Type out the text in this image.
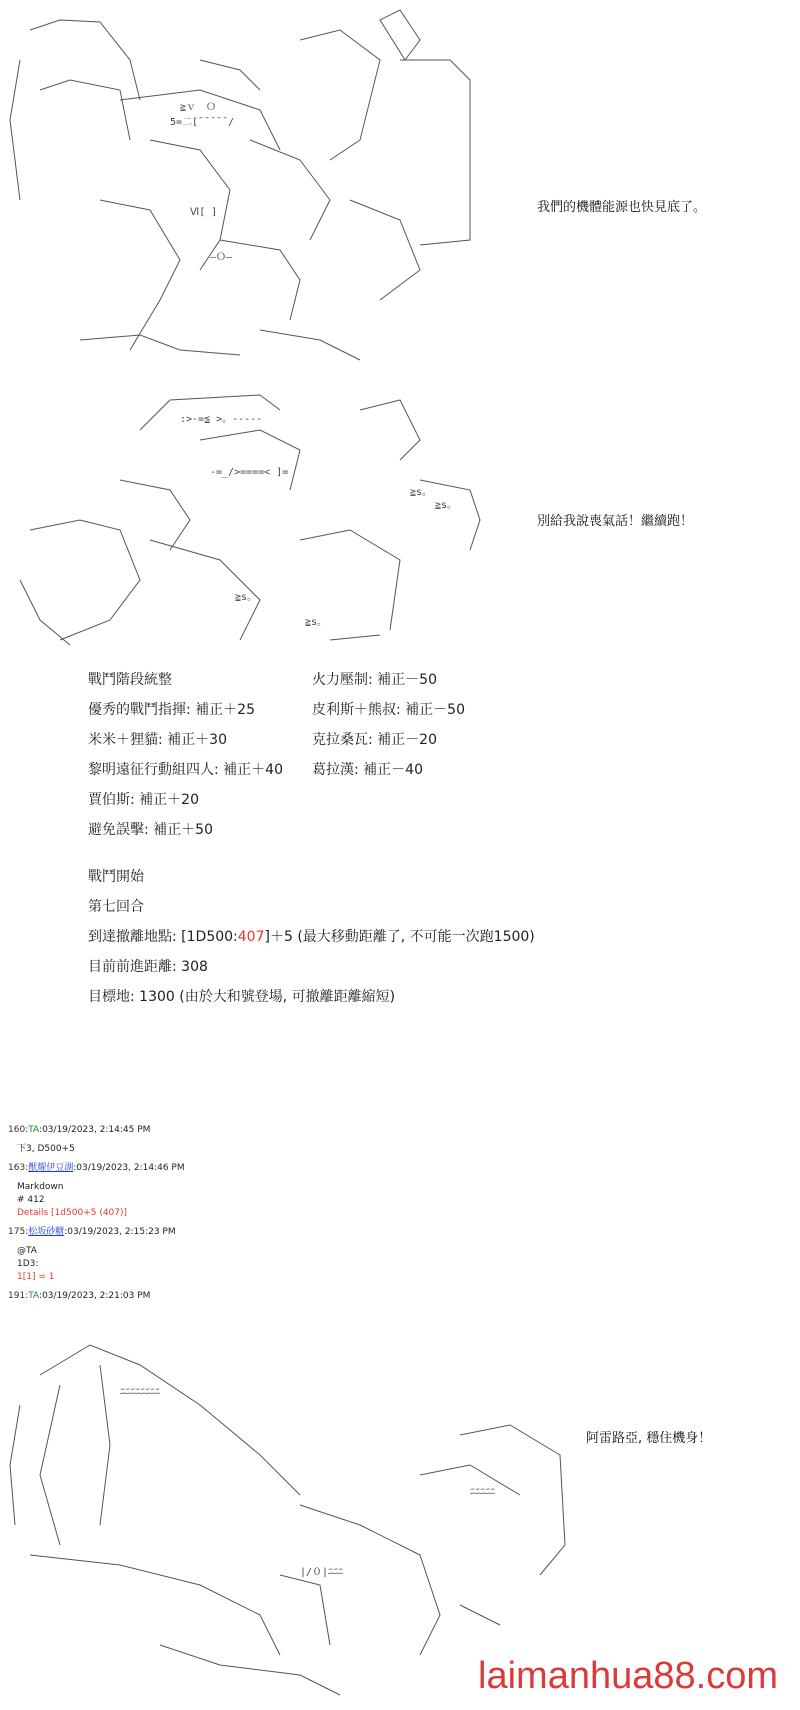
≧ｖ　Ｏ
5=二[¯¯¯¯¯/
Ⅵ[ ]
—Ｏ—
我們的機體能源也快見底了。
:>-=≦ >。-----
-=_/>====< ]=
≧s。
≧s。
≧s。
≧s。
別給我說喪氣話！繼續跑！
戰鬥階段統整
優秀的戰鬥指揮: 補正＋25
米米＋狸貓: 補正＋30
黎明遠征行動組四人: 補正＋40
賈伯斯: 補正＋20
避免誤擊: 補正＋50
火力壓制: 補正－50
皮利斯＋熊叔: 補正－50
克拉桑瓦: 補正－20
葛拉漢: 補正－40
戰鬥開始
第七回合
到達撤離地點: [1D500:407]＋5 (最大移動距離了, 不可能一次跑1500)
目前前進距離: 308
目標地: 1300 (由於大和號登場, 可撤離距離縮短)
160:TA:03/19/2023, 2:14:45 PM
下3, D500+5
163:獸耀伊豆湖:03/19/2023, 2:14:46 PM
Markdown
# 412
Details [1d500+5 (407)]
175:松坂砂糖:03/19/2023, 2:15:23 PM
@TA
1D3:
1[1] = 1
191:TA:03/19/2023, 2:21:03 PM
ﾆﾆﾆﾆﾆﾆﾆﾆ
|/０|ﾆﾆﾆ
ﾆﾆﾆﾆﾆ
阿雷路亞, 穩住機身！
laimanhua88.com
